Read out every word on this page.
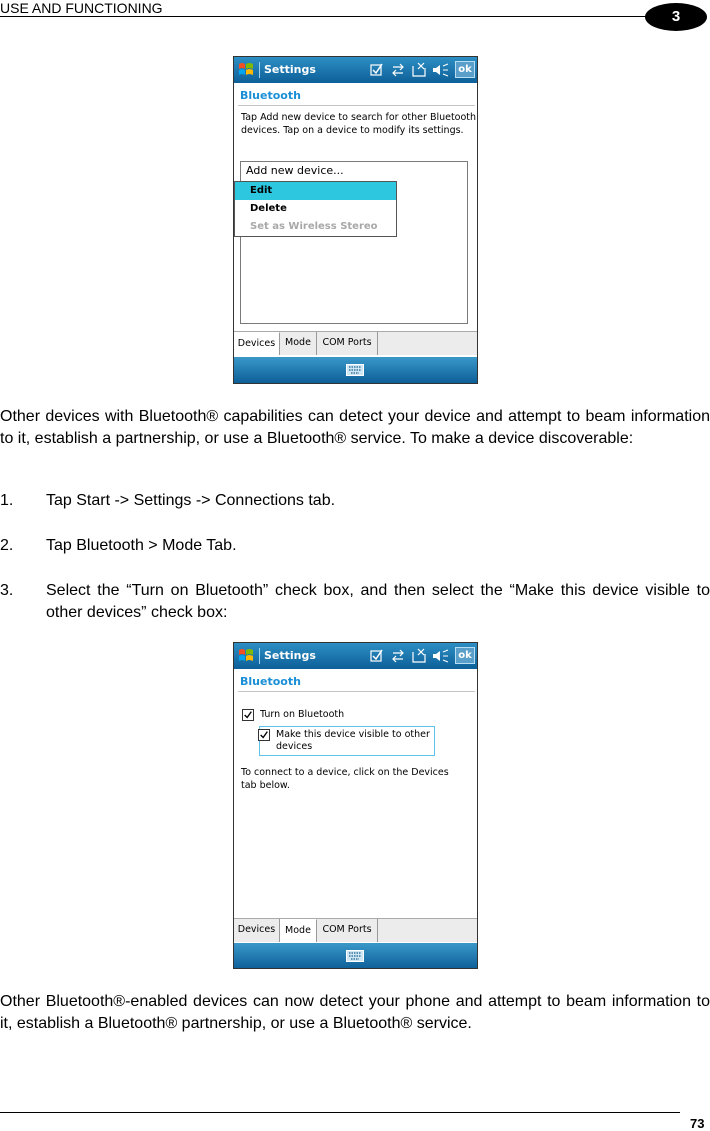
USE AND FUNCTIONING	3
Settings	ok
Bluetooth
Tap Add new device to search for other Bluetooth devices. Tap on a device to modify its settings.
Add new device...
Edit
Delete
Set as Wireless Stereo
Devices	Mode	COM Ports
Other devices with Bluetooth® capabilities can detect your device and attempt to beam information to it, establish a partnership, or use a Bluetooth® service. To make a device discoverable:
1. Tap Start -> Settings -> Connections tab.
2. Tap Bluetooth > Mode Tab.
3. Select the “Turn on Bluetooth” check box, and then select the “Make this device visible to other devices” check box:
Settings	ok
Bluetooth
Turn on Bluetooth
Make this device visible to other devices
To connect to a device, click on the Devices tab below.
Devices	Mode	COM Ports
Other Bluetooth®-enabled devices can now detect your phone and attempt to beam information to it, establish a Bluetooth® partnership, or use a Bluetooth® service.
73
